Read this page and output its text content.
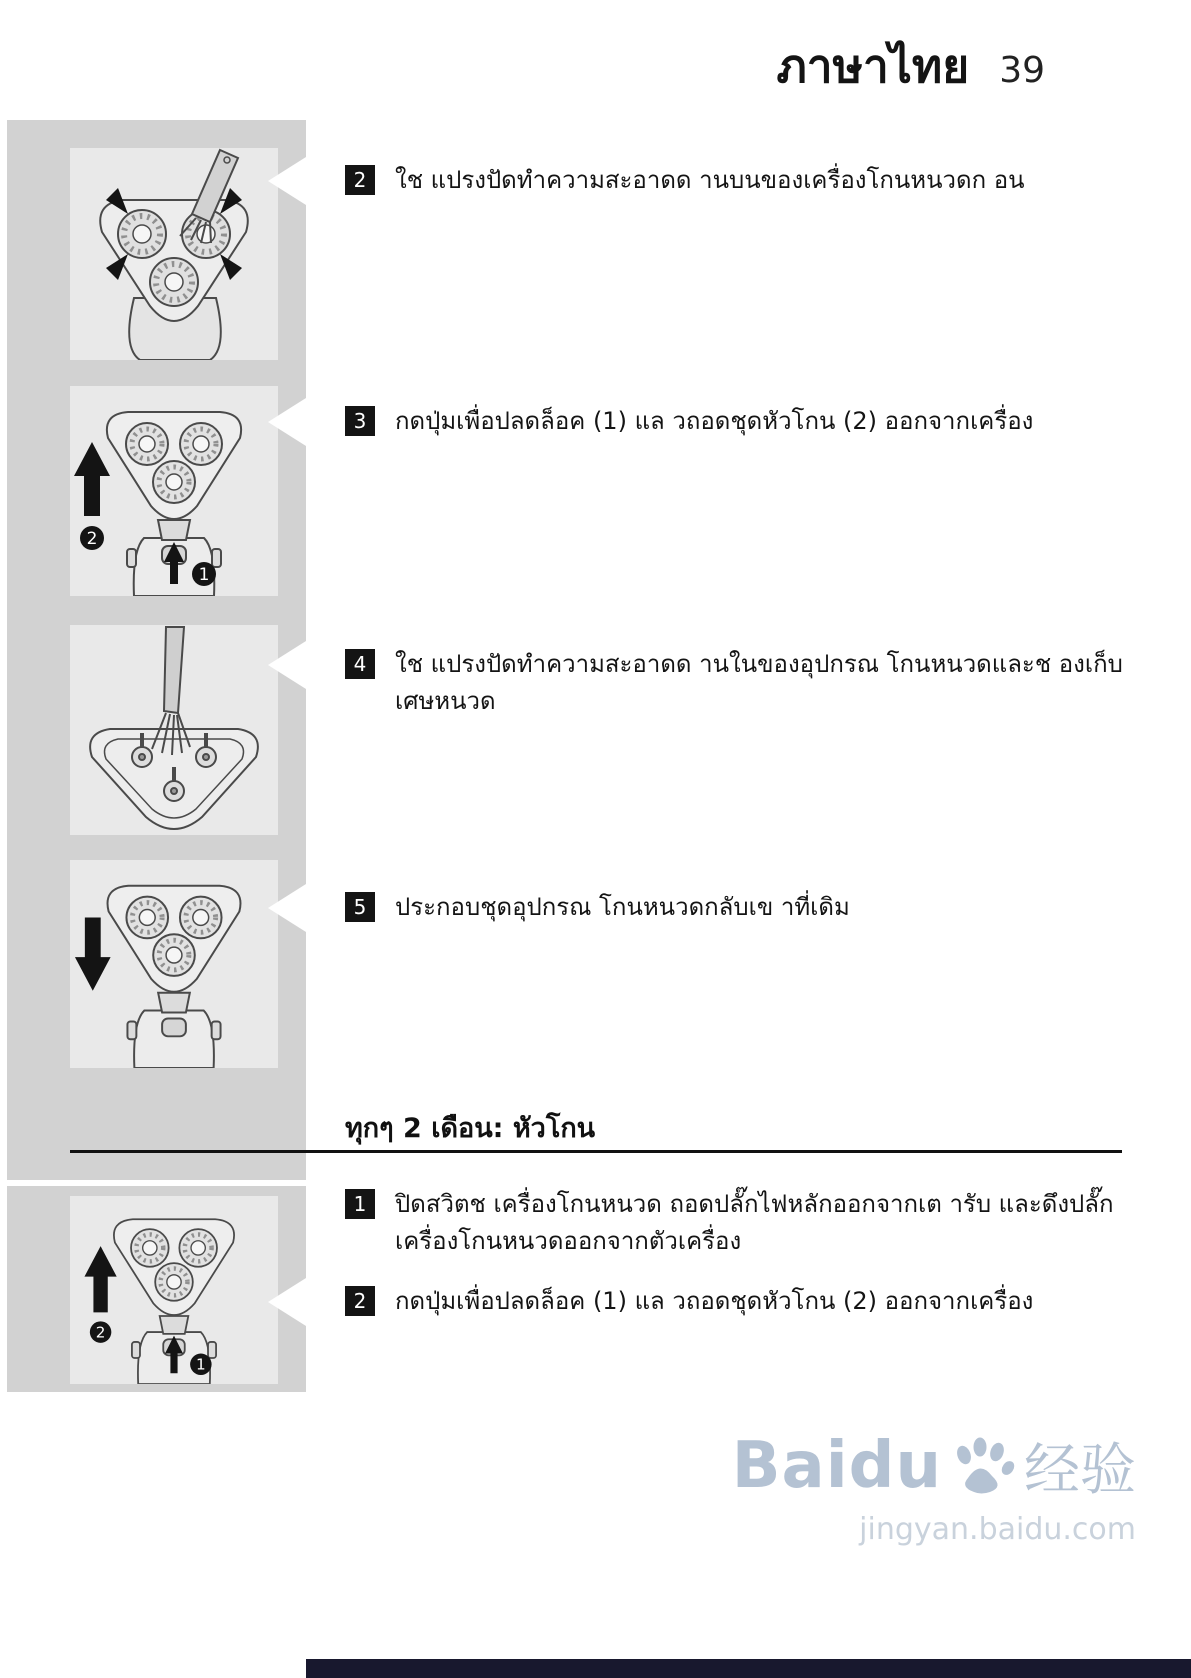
ภาษาไทย 39
2
1
2
1
2	ใช แปรงปัดทำความสะอาดด านบนของเครื่องโกนหนวดก อน
3	กดปุ่มเพื่อปลดล็อค (1) แล วถอดชุดหัวโกน (2) ออกจากเครื่อง
4	ใช แปรงปัดทำความสะอาดด านในของอุปกรณ โกนหนวดและช องเก็บเศษหนวด
5	ประกอบชุดอุปกรณ โกนหนวดกลับเข าที่เดิม
ทุกๆ 2 เดือน: หัวโกน
1	ปิดสวิตช เครื่องโกนหนวด ถอดปลั๊กไฟหลักออกจากเต ารับ และดึงปลั๊กเครื่องโกนหนวดออกจากตัวเครื่อง
2	กดปุ่มเพื่อปลดล็อค (1) แล วถอดชุดหัวโกน (2) ออกจากเครื่อง
Baidu 经验
jingyan.baidu.com
